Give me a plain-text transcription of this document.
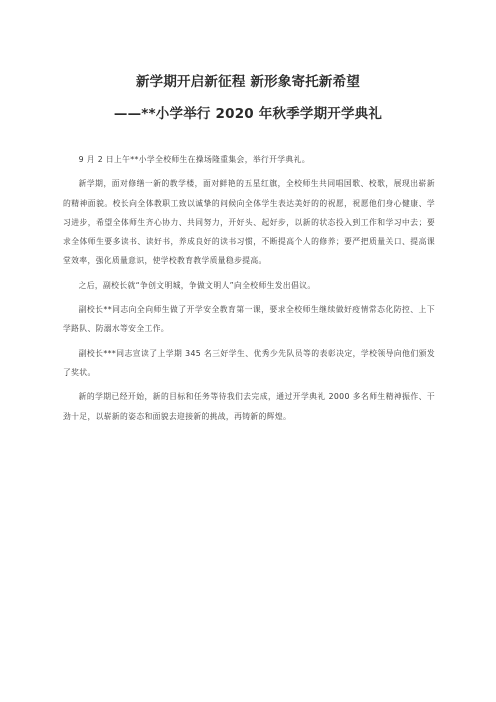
新学期开启新征程 新形象寄托新希望
——**小学举行 2020 年秋季学期开学典礼

9 月 2 日上午**小学全校师生在操场隆重集会，举行开学典礼。

新学期，面对修缮一新的教学楼，面对鲜艳的五星红旗，全校师生共同唱国歌、校歌，展现出崭新的精神面貌。校长向全体教职工致以诚挚的问候向全体学生表达美好的的祝愿，祝愿他们身心健康、学习进步，希望全体师生齐心协力、共同努力，开好头、起好步，以新的状态投入到工作和学习中去；要求全体师生要多读书、读好书，养成良好的读书习惯，不断提高个人的修养；要严把质量关口、提高课堂效率，强化质量意识，使学校教育教学质量稳步提高。

之后，副校长就“争创文明城，争做文明人”向全校师生发出倡议。

副校长**同志向全向师生做了开学安全教育第一课，要求全校师生继续做好疫情常态化防控、上下学路队、防溺水等安全工作。

副校长***同志宣读了上学期 345 名三好学生、优秀少先队员等的表彰决定，学校领导向他们颁发了奖状。

新的学期已经开始，新的目标和任务等待我们去完成，通过开学典礼 2000 多名师生精神振作、干劲十足，以崭新的姿态和面貌去迎接新的挑战，再铸新的辉煌。
